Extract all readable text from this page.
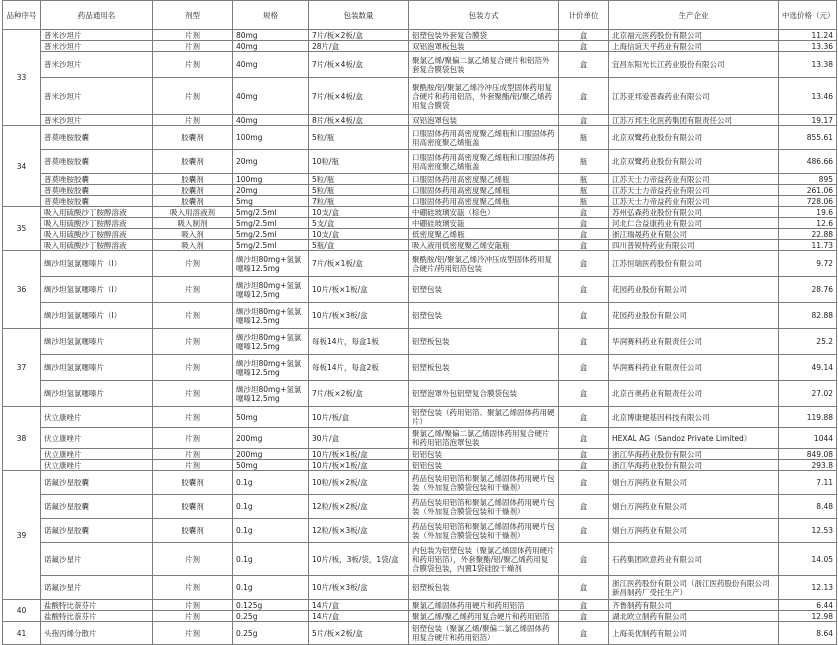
品种序号	药品通用名	剂型	规格	包装数量	包装方式	计价单位	生产企业	中选价格（元）
33	普米沙坦片	片剂	80mg	7片/板×2板/盒	铝塑包装外套复合膜袋	盒	北京福元医药股份有限公司	11.24
	普米沙坦片	片剂	40mg	28片/盒	双铝泡罩板包装	盒	上海信谊天平药业有限公司	13.36
	普米沙坦片	片剂	40mg	7片/板×4板/盒	聚氯乙烯/聚偏二氯乙烯复合硬片和铝箔外套复合膜袋包装	盒	宜昌东阳光长江药业股份有限公司	13.38
	普米沙坦片	片剂	40mg	7片/板×4板/盒	聚酰胺/铝/聚氯乙烯冷冲压成型固体药用复合硬片和药用铝箔，外套聚酯/铝/聚乙烯药用复合膜袋	盒	江苏亚邦爱普森药业有限公司	13.46
	普米沙坦片	片剂	40mg	8片/板×4板/盒	双铝泡罩包装	盒	江苏万邦生化医药集团有限责任公司	19.17
34	普莫唑胺胶囊	胶囊剂	100mg	5粒/瓶	口服固体药用高密度聚乙烯瓶和口服固体药用高密度聚乙烯瓶盖	瓶	北京双鹭药业股份有限公司	855.61
	普莫唑胺胶囊	胶囊剂	20mg	10粒/瓶	口服固体药用高密度聚乙烯瓶和口服固体药用高密度聚乙烯瓶盖	瓶	北京双鹭药业股份有限公司	486.66
	普莫唑胺胶囊	胶囊剂	100mg	5粒/瓶	口服固体药用高密度聚乙烯瓶	瓶	江苏天士力帝益药业有限公司	895
	普莫唑胺胶囊	胶囊剂	20mg	5粒/瓶	口服固体药用高密度聚乙烯瓶	瓶	江苏天士力帝益药业有限公司	261.06
	普莫唑胺胶囊	胶囊剂	5mg	7粒/瓶	口服固体药用高密度聚乙烯瓶	瓶	江苏天士力帝益药业有限公司	728.06
35	吸入用硫酸沙丁胺醇溶液	吸入用溶液剂	5mg/2.5ml	10支/盒	中硼硅玻璃安瓿（棕色）	盒	苏州弘森药业股份有限公司	19.6
	吸入用硫酸沙丁胺醇溶液	吸入制剂	5mg/2.5ml	5支/盒	中硼硅玻璃安瓿	盒	河北仁合益康药业有限公司	12.6
	吸入用硫酸沙丁胺醇溶液	吸入剂	5mg/2.5ml	10支/盒	低密度聚乙烯瓶	盒	浙江瑞晟药业有限公司	22.88
	吸入用硫酸沙丁胺醇溶液	吸入剂	5mg/2.5ml	5瓶/盒	吸入液用低密度聚乙烯安瓿瓶	盒	四川普锐特药业有限公司	11.73
36	缬沙坦氢氯噻嗪片（Ⅰ）	片剂	缬沙坦80mg+氢氯噻嗪12.5mg	7片/板×1板/盒	聚酰胺/铝/聚氯乙烯冷冲压成型固体药用复合硬片/药用铝箔包装	盒	江苏恒瑞医药股份有限公司	9.72
	缬沙坦氢氯噻嗪片（Ⅰ）	片剂	缬沙坦80mg+氢氯噻嗪12.5mg	10片/板×1板/盒	铝塑包装	盒	花园药业股份有限公司	28.76
	缬沙坦氢氯噻嗪片（Ⅰ）	片剂	缬沙坦80mg+氢氯噻嗪12.5mg	10片/板×3板/盒	铝塑包装	盒	花园药业股份有限公司	82.88
37	缬沙坦氢氯噻嗪片	片剂	缬沙坦80mg+氢氯噻嗪12.5mg	每板14片，每盒1板	铝塑板包装	盒	华润赛科药业有限责任公司	25.2
	缬沙坦氢氯噻嗪片	片剂	缬沙坦80mg+氢氯噻嗪12.5mg	每板14片，每盒2板	铝塑板包装	盒	华润赛科药业有限责任公司	49.14
	缬沙坦氢氯噻嗪片	片剂	缬沙坦80mg+氢氯噻嗪12.5mg	7片/板×2板/盒	铝塑泡罩外包铝塑复合膜袋包装	盒	北京百奥药业有限责任公司	27.02
38	伏立康唑片	片剂	50mg	10片/板/盒	铝塑包装（药用铝箔、聚氯乙烯固体药用硬片）	盒	北京博康健基因科技有限公司	119.88
	伏立康唑片	片剂	200mg	30片/盒	聚氯乙烯/聚偏二氯乙烯固体药用复合硬片和药用铝箔泡罩包装	盒	HEXAL AG（Sandoz Private Limited）	1044
	伏立康唑片	片剂	200mg	10片/板×1板/盒	铝铝包装	盒	浙江华海药业股份有限公司	849.08
	伏立康唑片	片剂	50mg	10片/板×1板/盒	铝铝包装	盒	浙江华海药业股份有限公司	293.8
39	诺氟沙星胶囊	胶囊剂	0.1g	10粒/板×2板/盒	药品包装用铝箔和聚氯乙烯固体药用硬片包装（外加复合膜袋包装和干燥剂）	盒	烟台万润药业有限公司	7.11
	诺氟沙星胶囊	胶囊剂	0.1g	12粒/板×2板/盒	药品包装用铝箔和聚氯乙烯固体药用硬片包装（外加复合膜袋包装和干燥剂）	盒	烟台万润药业有限公司	8.48
	诺氟沙星胶囊	胶囊剂	0.1g	12粒/板×3板/盒	药品包装用铝箔和聚氯乙烯固体药用硬片包装（外加复合膜袋包装和干燥剂）	盒	烟台万润药业有限公司	12.53
	诺氟沙星片	片剂	0.1g	10片/板，3板/袋，1袋/盒	内包装为铝塑包装（聚氯乙烯固体药用硬片和药用铝箔），外套聚酯/铝/聚乙烯药用复合膜袋包装，内置1袋硅胶干燥剂	盒	石药集团欧意药业有限公司	14.05
	诺氟沙星片	片剂	0.1g	10片/板×3板/盒	铝塑板包装	盒	浙江医药股份有限公司（浙江医药股份有限公司新昌制药厂受托生产）	12.13
40	盐酸特比萘芬片	片剂	0.125g	14片/盒	聚氯乙烯固体药用硬片和药用铝箔	盒	齐鲁制药有限公司	6.44
	盐酸特比萘芬片	片剂	0.25g	14片/盒	聚氯乙烯/聚乙烯药用复合硬片和药用铝箔	盒	湖北欧立制药有限公司	12.98
41	头孢丙烯分散片	片剂	0.25g	5片/板×2板/盒	铝塑包装（聚氯乙烯/聚偏二氯乙烯固体药用复合硬片和药用铝箔）	盒	上海美优制药有限公司	8.64
